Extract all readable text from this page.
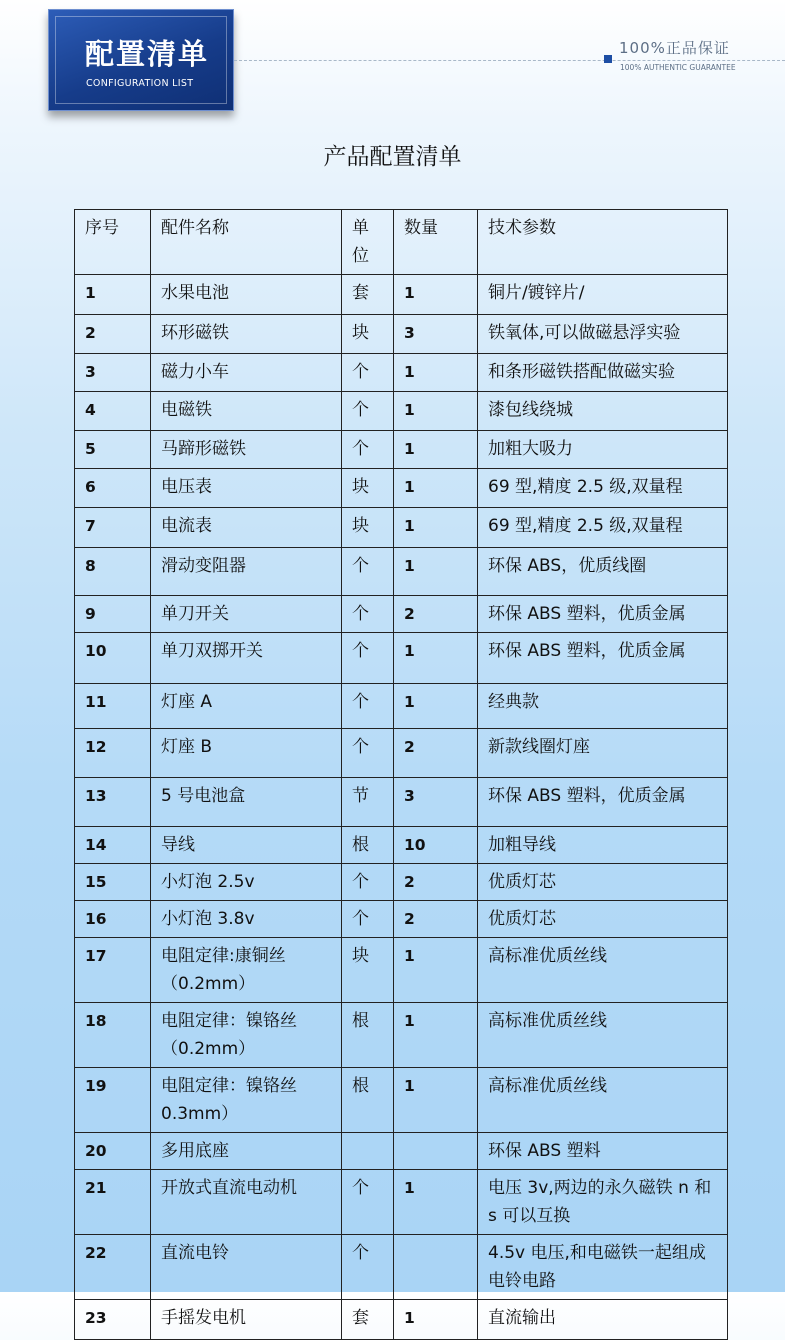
配置清单
CONFIGURATION LIST
100%正品保证
100% AUTHENTIC GUARANTEE
产品配置清单
序号	配件名称	单位	数量	技术参数
1	水果电池	套	1	铜片/镀锌片/
2	环形磁铁	块	3	铁氧体,可以做磁悬浮实验
3	磁力小车	个	1	和条形磁铁搭配做磁实验
4	电磁铁	个	1	漆包线绕城
5	马蹄形磁铁	个	1	加粗大吸力
6	电压表	块	1	69 型,精度 2.5 级,双量程
7	电流表	块	1	69 型,精度 2.5 级,双量程
8	滑动变阻器	个	1	环保 ABS，优质线圈
9	单刀开关	个	2	环保 ABS 塑料，优质金属
10	单刀双掷开关	个	1	环保 ABS 塑料，优质金属
11	灯座 A	个	1	经典款
12	灯座 B	个	2	新款线圈灯座
13	5 号电池盒	节	3	环保 ABS 塑料，优质金属
14	导线	根	10	加粗导线
15	小灯泡 2.5v	个	2	优质灯芯
16	小灯泡 3.8v	个	2	优质灯芯
17	电阻定律:康铜丝（0.2mm）	块	1	高标准优质丝线
18	电阻定律：镍铬丝（0.2mm）	根	1	高标准优质丝线
19	电阻定律：镍铬丝 0.3mm）	根	1	高标准优质丝线
20	多用底座			环保 ABS 塑料
21	开放式直流电动机	个	1	电压 3v,两边的永久磁铁 n 和 s 可以互换
22	直流电铃	个		4.5v 电压,和电磁铁一起组成电铃电路
23	手摇发电机	套	1	直流输出
